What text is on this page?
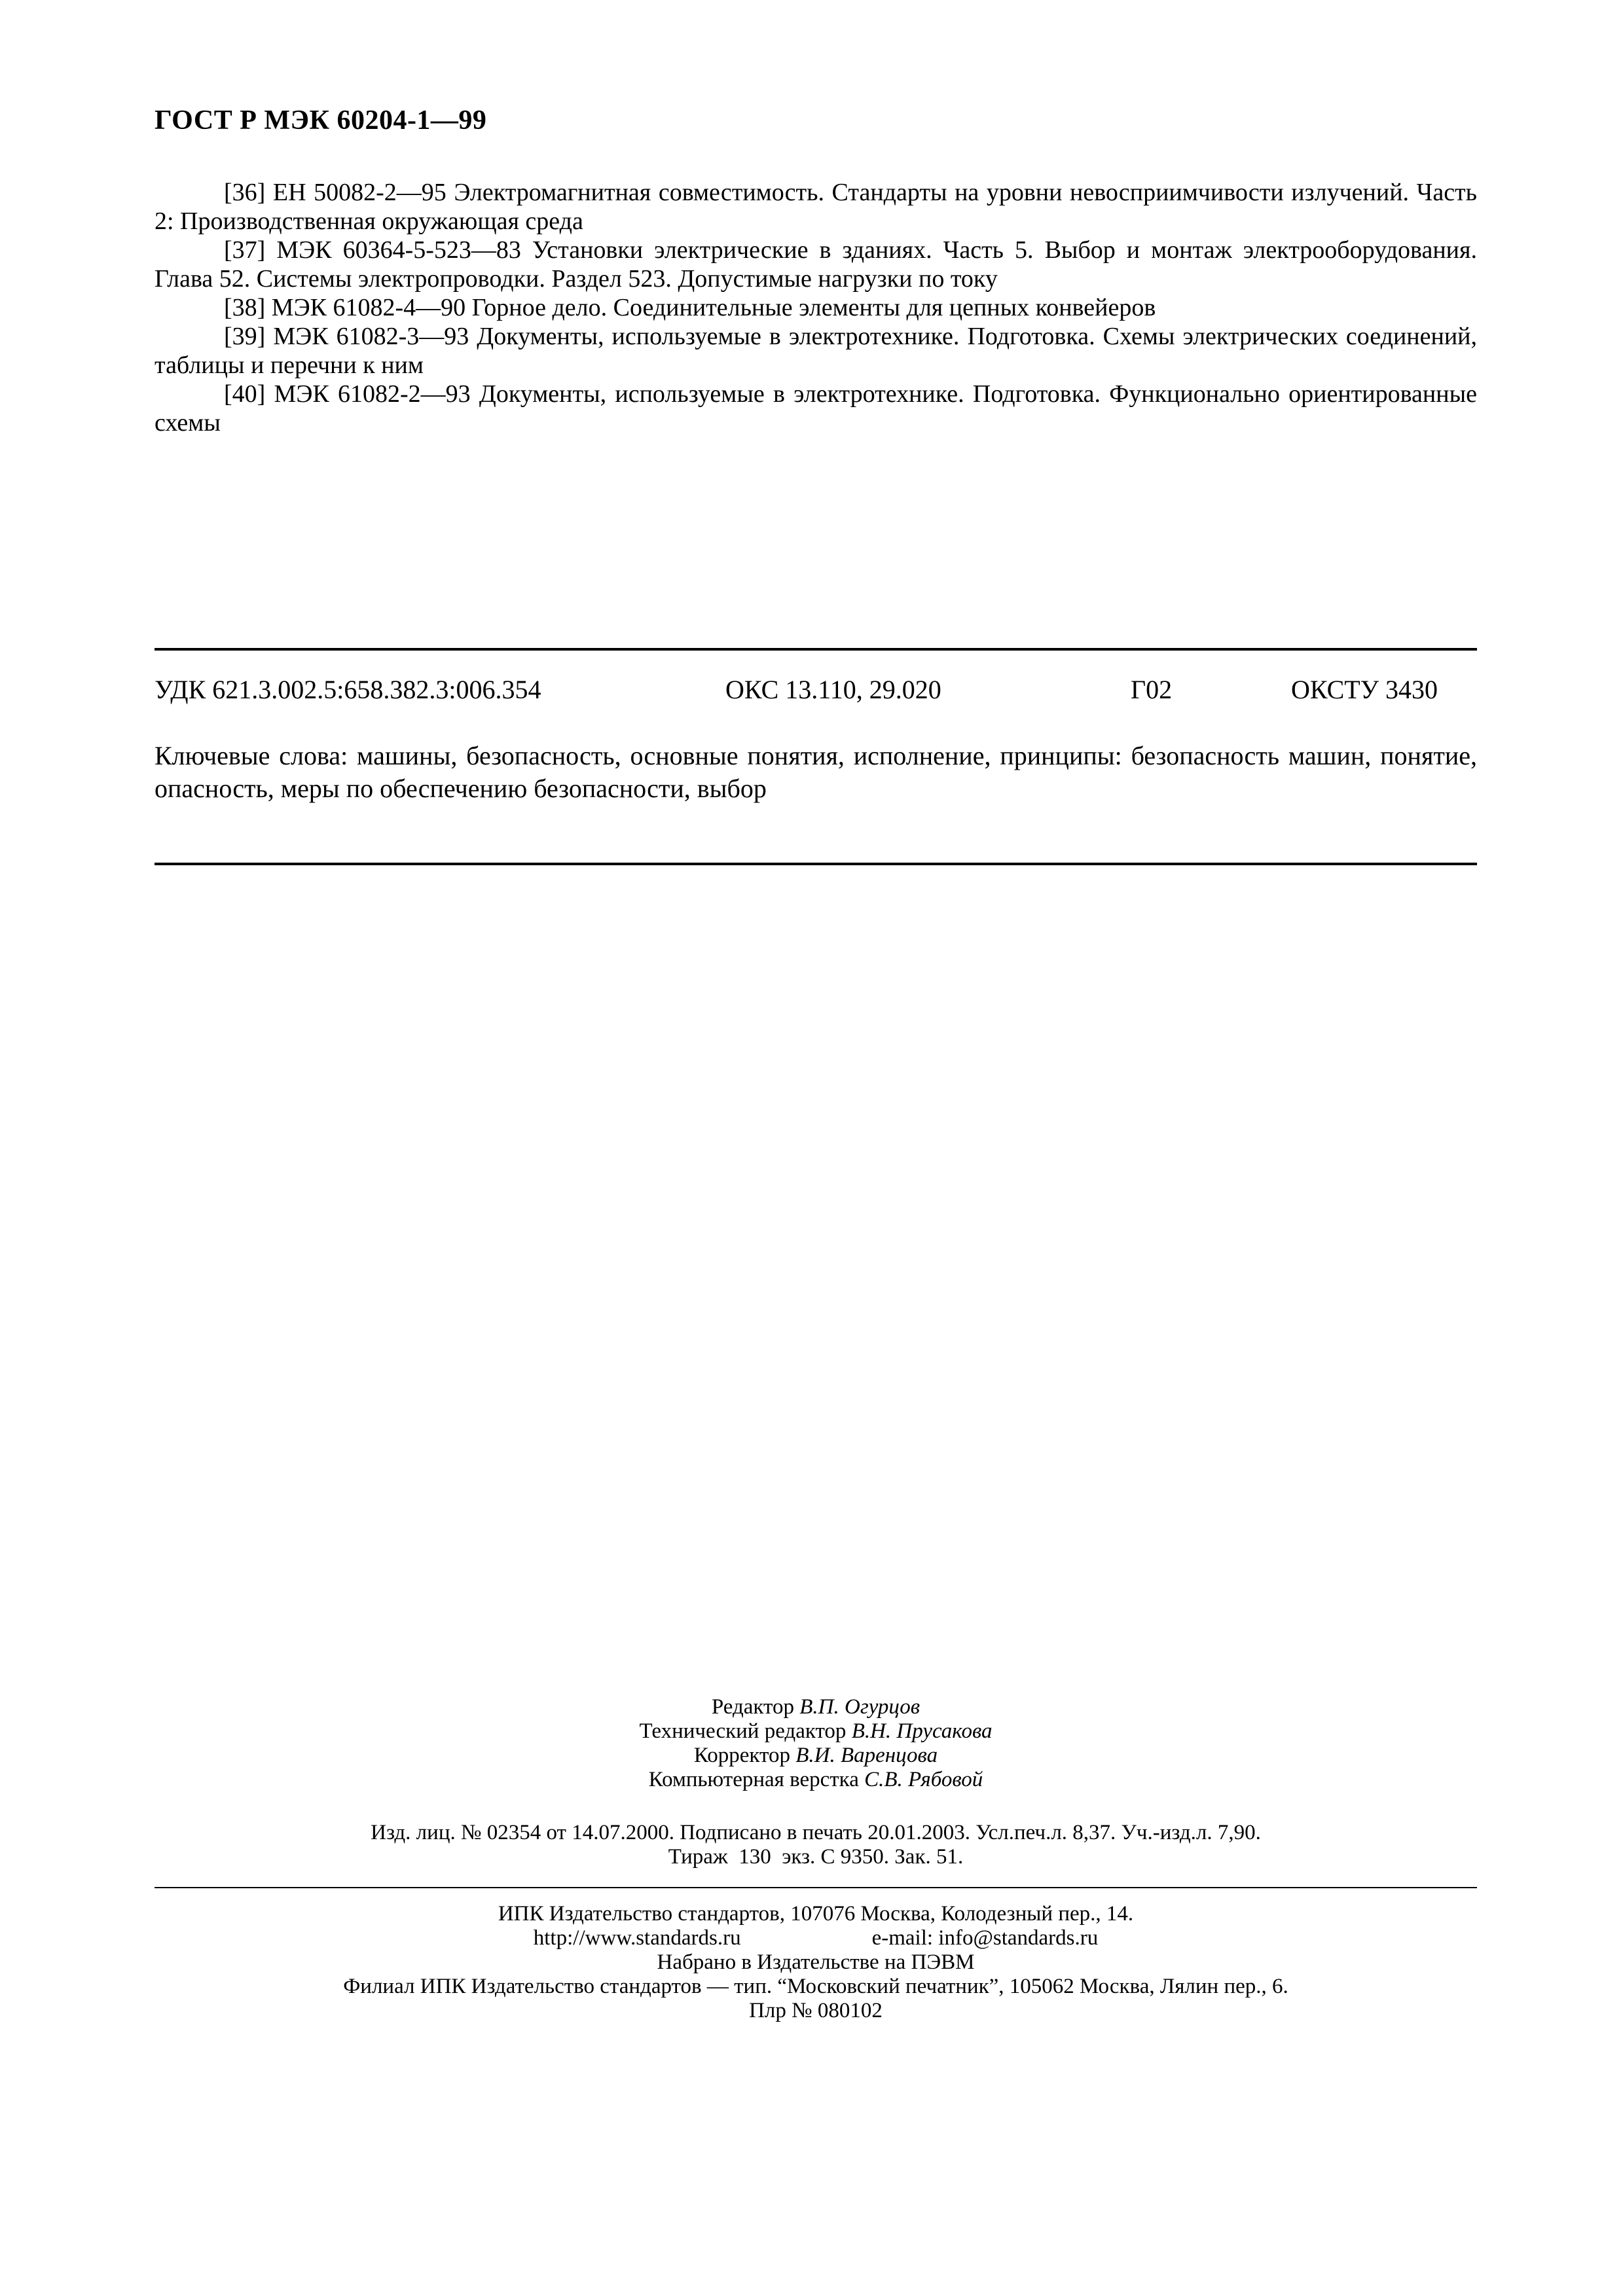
ГОСТ Р МЭК 60204-1—99

[36] ЕН 50082-2—95 Электромагнитная совместимость. Стандарты на уровни невосприимчивости излучений. Часть 2: Производственная окружающая среда

[37] МЭК 60364-5-523—83 Установки электрические в зданиях. Часть 5. Выбор и монтаж электрооборудования. Глава 52. Системы электропроводки. Раздел 523. Допустимые нагрузки по току

[38] МЭК 61082-4—90 Горное дело. Соединительные элементы для цепных конвейеров

[39] МЭК 61082-3—93 Документы, используемые в электротехнике. Подготовка. Схемы электрических соединений, таблицы и перечни к ним

[40] МЭК 61082-2—93 Документы, используемые в электротехнике. Подготовка. Функционально ориентированные схемы

УДК 621.3.002.5:658.382.3:006.354	ОКС 13.110, 29.020	Г02	ОКСТУ 3430
Ключевые слова: машины, безопасность, основные понятия, исполнение, принципы: безопасность машин, понятие, опасность, меры по обеспечению безопасности, выбор

Редактор В.П. Огурцов

Технический редактор В.Н. Прусакова

Корректор В.И. Варенцова

Компьютерная верстка С.В. Рябовой

Изд. лиц. № 02354 от 14.07.2000. Подписано в печать 20.01.2003. Усл.печ.л. 8,37. Уч.-изд.л. 7,90.

Тираж  130  экз. С 9350. Зак. 51.

ИПК Издательство стандартов, 107076 Москва, Колодезный пер., 14.

http://www.standards.ru	e-mail: info@standards.ru

Набрано в Издательстве на ПЭВМ

Филиал ИПК Издательство стандартов — тип. “Московский печатник”, 105062 Москва, Лялин пер., 6.

Плр № 080102
